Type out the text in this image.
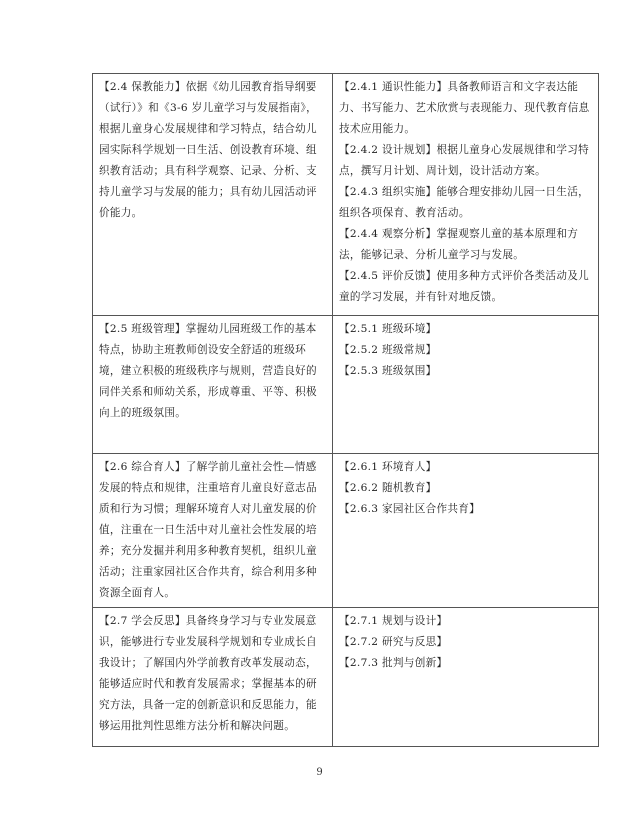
【2.4 保教能力】依据《幼儿园教育指导纲要（试行）》和《3-6 岁儿童学习与发展指南》，根据儿童身心发展规律和学习特点，结合幼儿园实际科学规划一日生活、创设教育环境、组织教育活动；具有科学观察、记录、分析、支持儿童学习与发展的能力；具有幼儿园活动评价能力。	【2.4.1 通识性能力】具备教师语言和文字表达能力、书写能力、艺术欣赏与表现能力、现代教育信息技术应用能力。
【2.4.2 设计规划】根据儿童身心发展规律和学习特点，撰写月计划、周计划，设计活动方案。
【2.4.3 组织实施】能够合理安排幼儿园一日生活，组织各项保育、教育活动。
【2.4.4 观察分析】掌握观察儿童的基本原理和方法，能够记录、分析儿童学习与发展。
【2.4.5 评价反馈】使用多种方式评价各类活动及儿童的学习发展，并有针对地反馈。

【2.5 班级管理】掌握幼儿园班级工作的基本特点，协助主班教师创设安全舒适的班级环境，建立积极的班级秩序与规则，营造良好的同伴关系和师幼关系，形成尊重、平等、积极向上的班级氛围。	【2.5.1 班级环境】
【2.5.2 班级常规】
【2.5.3 班级氛围】

【2.6 综合育人】了解学前儿童社会性—情感发展的特点和规律，注重培育儿童良好意志品质和行为习惯；理解环境育人对儿童发展的价值，注重在一日生活中对儿童社会性发展的培养；充分发掘并利用多种教育契机，组织儿童活动；注重家园社区合作共育，综合利用多种资源全面育人。	【2.6.1 环境育人】
【2.6.2 随机教育】
【2.6.3 家园社区合作共育】

【2.7 学会反思】具备终身学习与专业发展意识，能够进行专业发展科学规划和专业成长自我设计；了解国内外学前教育改革发展动态，能够适应时代和教育发展需求；掌握基本的研究方法，具备一定的创新意识和反思能力，能够运用批判性思维方法分析和解决问题。	【2.7.1 规划与设计】
【2.7.2 研究与反思】
【2.7.3 批判与创新】
9
